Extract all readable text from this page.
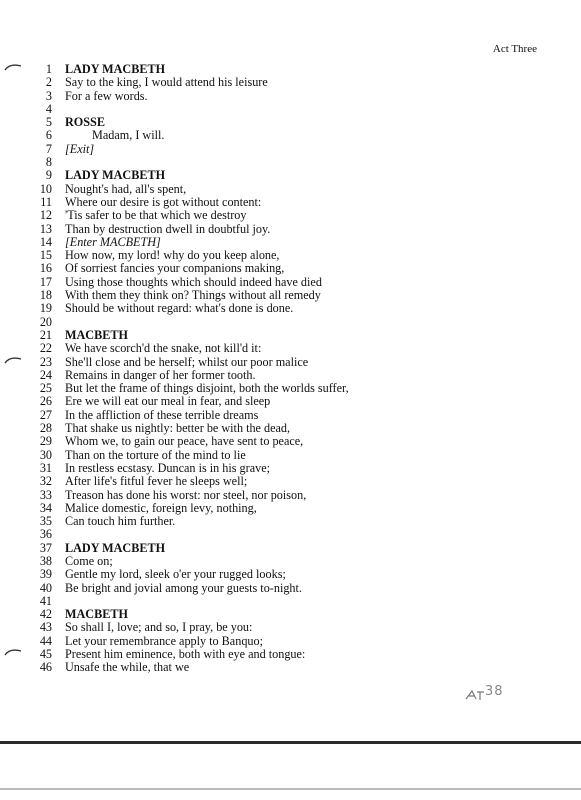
Act Three
1 LADY MACBETH
2 Say to the king, I would attend his leisure
3 For a few words.
4
5 ROSSE
6	Madam, I will.
7 [Exit]
8
9 LADY MACBETH
10 Nought's had, all's spent,
11 Where our desire is got without content:
12 'Tis safer to be that which we destroy
13 Than by destruction dwell in doubtful joy.
14 [Enter MACBETH]
15 How now, my lord! why do you keep alone,
16 Of sorriest fancies your companions making,
17 Using those thoughts which should indeed have died
18 With them they think on? Things without all remedy
19 Should be without regard: what's done is done.
20
21 MACBETH
22 We have scorch'd the snake, not kill'd it:
23 She'll close and be herself; whilst our poor malice
24 Remains in danger of her former tooth.
25 But let the frame of things disjoint, both the worlds suffer,
26 Ere we will eat our meal in fear, and sleep
27 In the affliction of these terrible dreams
28 That shake us nightly: better be with the dead,
29 Whom we, to gain our peace, have sent to peace,
30 Than on the torture of the mind to lie
31 In restless ecstasy. Duncan is in his grave;
32 After life's fitful fever he sleeps well;
33 Treason has done his worst: nor steel, nor poison,
34 Malice domestic, foreign levy, nothing,
35 Can touch him further.
36
37 LADY MACBETH
38 Come on;
39 Gentle my lord, sleek o'er your rugged looks;
40 Be bright and jovial among your guests to-night.
41
42 MACBETH
43 So shall I, love; and so, I pray, be you:
44 Let your remembrance apply to Banquo;
45 Present him eminence, both with eye and tongue:
46 Unsafe the while, that we
38
